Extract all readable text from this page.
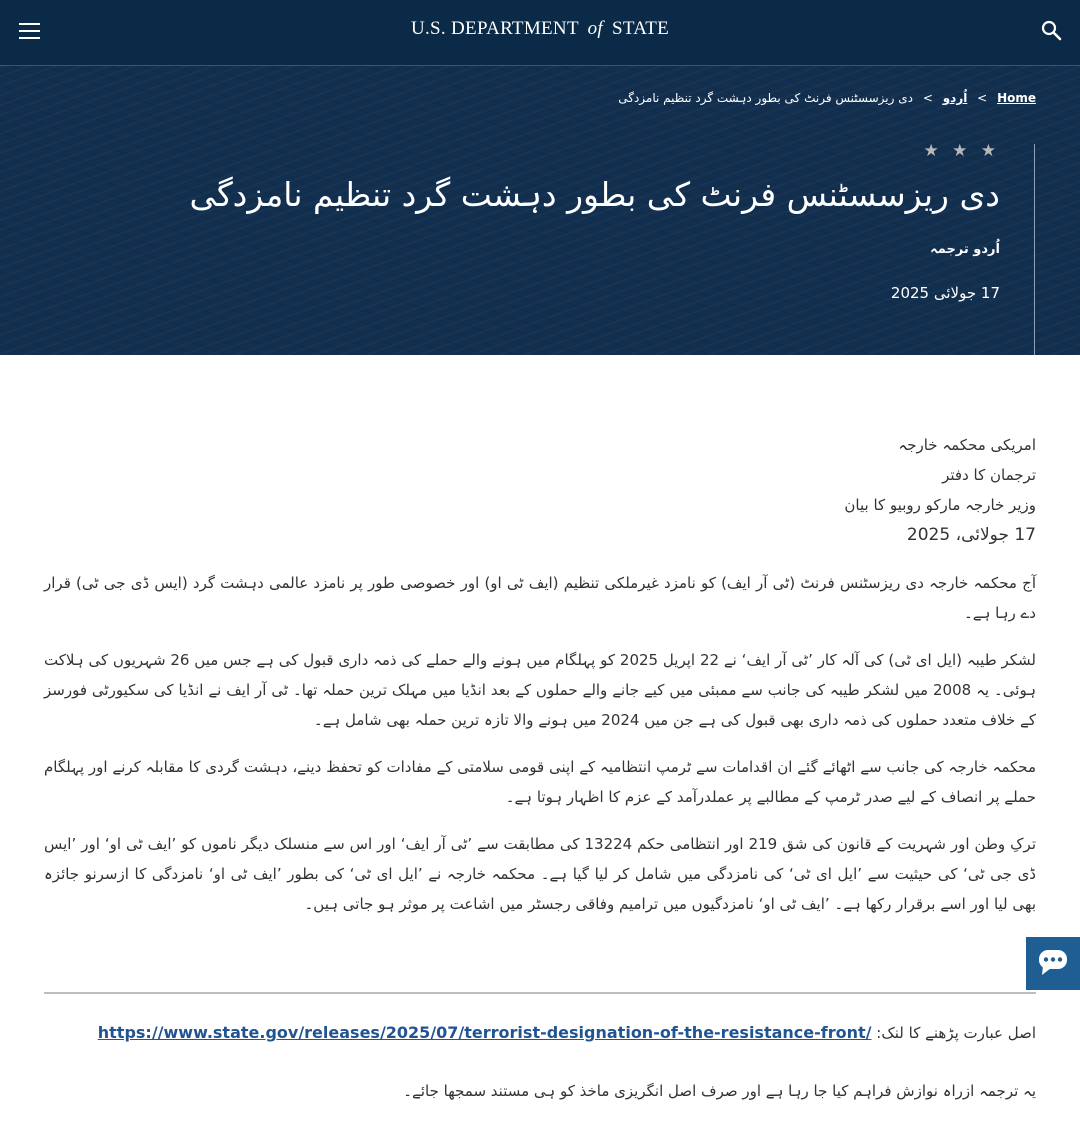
U.S. DEPARTMENT of STATE
Home > اُردو > دی ریزسسٹنس فرنٹ کی بطور دہشت گرد تنظیم نامزدگی
★ ★ ★
دی ریزسسٹنس فرنٹ کی بطور دہشت گرد تنظیم نامزدگی
اُردو ترجمہ
17 جولائی 2025

امریکی محکمہ خارجہ

ترجمان کا دفتر

وزیر خارجہ مارکو روبیو کا بیان

17 جولائی، 2025

آج محکمہ خارجہ دی ریزسٹنس فرنٹ (ٹی آر ایف) کو نامزد غیرملکی تنظیم (ایف ٹی او) اور خصوصی طور پر نامزد عالمی دہشت گرد (ایس ڈی جی ٹی) قرار دے رہا ہے۔

لشکر طیبہ (ایل ای ٹی) کی آلہ کار ’ٹی آر ایف‘ نے 22 اپریل 2025 کو پہلگام میں ہونے والے حملے کی ذمہ داری قبول کی ہے جس میں 26 شہریوں کی ہلاکت ہوئی۔ یہ 2008 میں لشکر طیبہ کی جانب سے ممبئی میں کیے جانے والے حملوں کے بعد انڈیا میں مہلک ترین حملہ تھا۔ ٹی آر ایف نے انڈیا کی سکیورٹی فورسز کے خلاف متعدد حملوں کی ذمہ داری بھی قبول کی ہے جن میں 2024 میں ہونے والا تازہ ترین حملہ بھی شامل ہے۔

محکمہ خارجہ کی جانب سے اٹھائے گئے ان اقدامات سے ٹرمپ انتظامیہ کے اپنی قومی سلامتی کے مفادات کو تحفظ دینے، دہشت گردی کا مقابلہ کرنے اور پہلگام حملے پر انصاف کے لیے صدر ٹرمپ کے مطالبے پر عملدرآمد کے عزم کا اظہار ہوتا ہے۔

ترکِ وطن اور شہریت کے قانون کی شق 219 اور انتظامی حکم 13224 کی مطابقت سے ’ٹی آر ایف‘ اور اس سے منسلک دیگر ناموں کو ’ایف ٹی او‘ اور ’ایس ڈی جی ٹی‘ کی حیثیت سے ’ایل ای ٹی‘ کی نامزدگی میں شامل کر لیا گیا ہے۔ محکمہ خارجہ نے ’ایل ای ٹی‘ کی بطور ’ایف ٹی او‘ نامزدگی کا ازسرنو جائزہ بھی لیا اور اسے برقرار رکھا ہے۔ ’ایف ٹی او‘ نامزدگیوں میں ترامیم وفاقی رجسٹر میں اشاعت پر موثر ہو جاتی ہیں۔

اصل عبارت پڑھنے کا لنک: https://www.state.gov/releases/2025/07/terrorist-designation-of-the-resistance-front/
یہ ترجمہ ازراہ نوازش فراہم کیا جا رہا ہے اور صرف اصل انگریزی ماخذ کو ہی مستند سمجھا جائے۔
